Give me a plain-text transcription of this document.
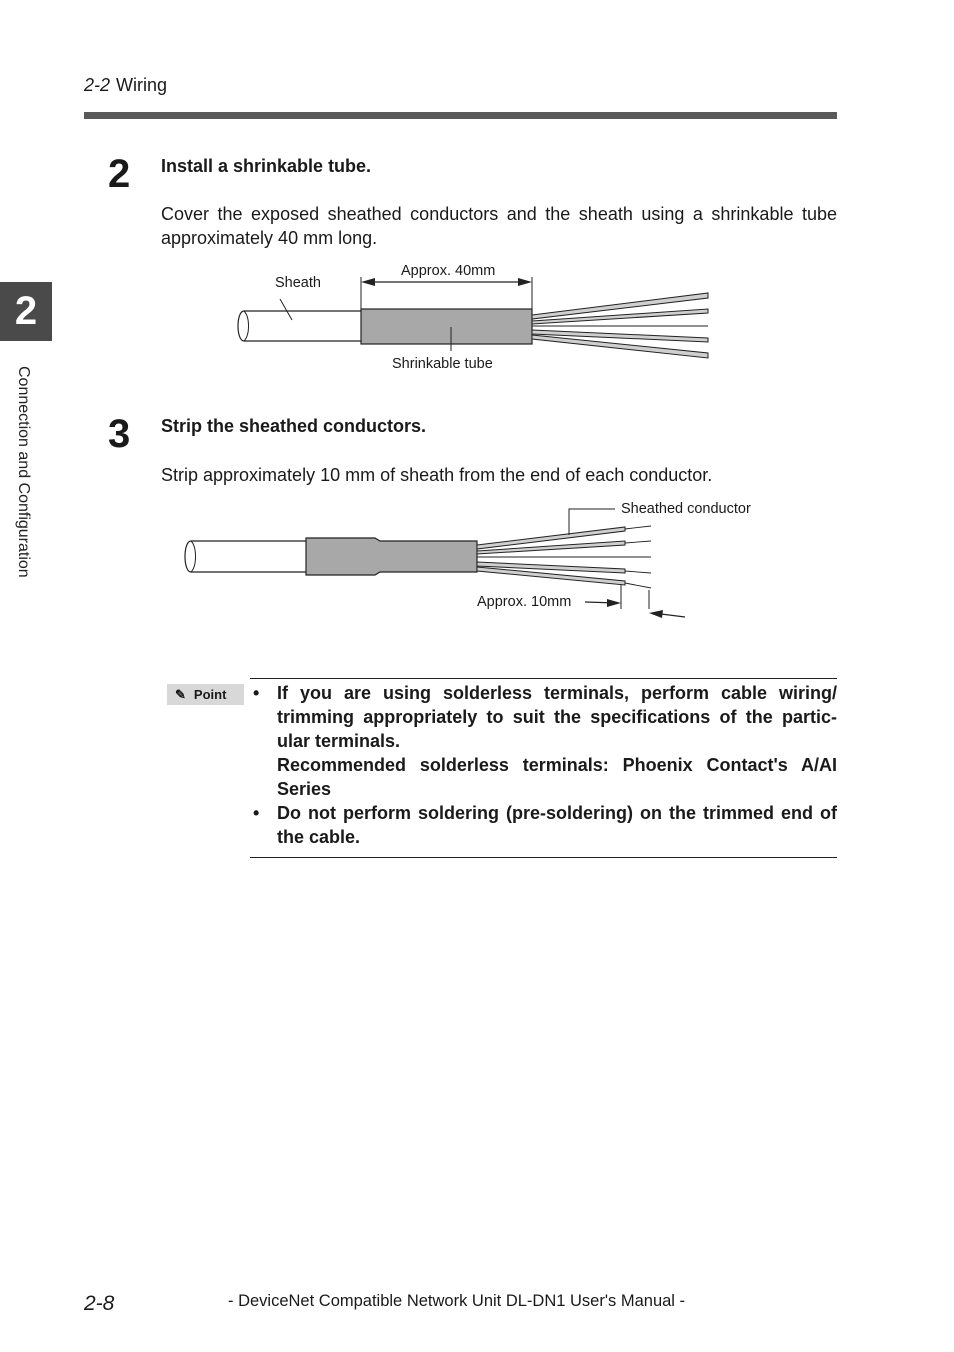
2-2 Wiring
2
Connection and Configuration
2 Install a shrinkable tube.
Cover the exposed sheathed conductors and the sheath using a shrinkable tube approximately 40 mm long.
Approx. 40mm
Sheath
Shrinkable tube
3 Strip the sheathed conductors.
Strip approximately 10 mm of sheath from the end of each conductor.
Sheathed conductor
Approx. 10mm
✎ Point • If you are using solderless terminals, perform cable wiring/ trimming appropriately to suit the specifications of the partic- ular terminals.
Recommended solderless terminals: Phoenix Contact's A/AI Series
• Do not perform soldering (pre-soldering) on the trimmed end of the cable.
2-8	- DeviceNet Compatible Network Unit DL-DN1 User's Manual -
